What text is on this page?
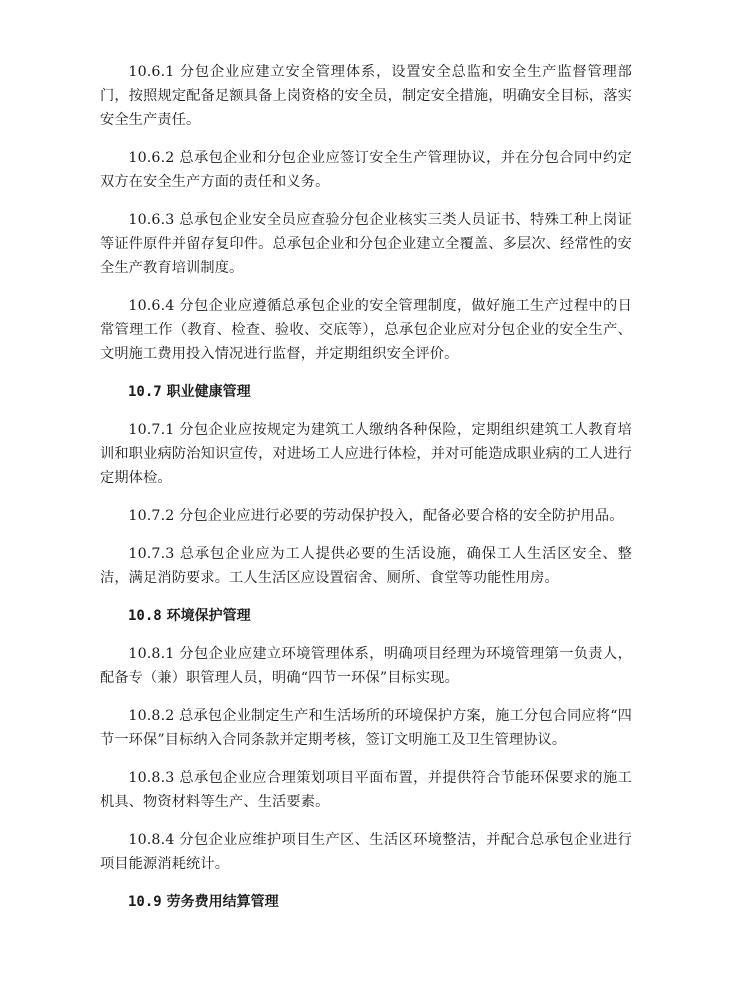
10.6.1 分包企业应建立安全管理体系，设置安全总监和安全生产监督管理部门，按照规定配备足额具备上岗资格的安全员，制定安全措施，明确安全目标，落实安全生产责任。

10.6.2 总承包企业和分包企业应签订安全生产管理协议，并在分包合同中约定双方在安全生产方面的责任和义务。

10.6.3 总承包企业安全员应查验分包企业核实三类人员证书、特殊工种上岗证等证件原件并留存复印件。总承包企业和分包企业建立全覆盖、多层次、经常性的安全生产教育培训制度。

10.6.4 分包企业应遵循总承包企业的安全管理制度，做好施工生产过程中的日常管理工作（教育、检查、验收、交底等），总承包企业应对分包企业的安全生产、文明施工费用投入情况进行监督，并定期组织安全评价。

10.7 职业健康管理

10.7.1 分包企业应按规定为建筑工人缴纳各种保险，定期组织建筑工人教育培训和职业病防治知识宣传，对进场工人应进行体检，并对可能造成职业病的工人进行定期体检。

10.7.2 分包企业应进行必要的劳动保护投入，配备必要合格的安全防护用品。

10.7.3 总承包企业应为工人提供必要的生活设施，确保工人生活区安全、整洁，满足消防要求。工人生活区应设置宿舍、厕所、食堂等功能性用房。

10.8 环境保护管理

10.8.1 分包企业应建立环境管理体系，明确项目经理为环境管理第一负责人，配备专（兼）职管理人员，明确“四节一环保”目标实现。

10.8.2 总承包企业制定生产和生活场所的环境保护方案，施工分包合同应将“四节一环保”目标纳入合同条款并定期考核，签订文明施工及卫生管理协议。

10.8.3 总承包企业应合理策划项目平面布置，并提供符合节能环保要求的施工机具、物资材料等生产、生活要素。

10.8.4 分包企业应维护项目生产区、生活区环境整洁，并配合总承包企业进行项目能源消耗统计。

10.9 劳务费用结算管理
